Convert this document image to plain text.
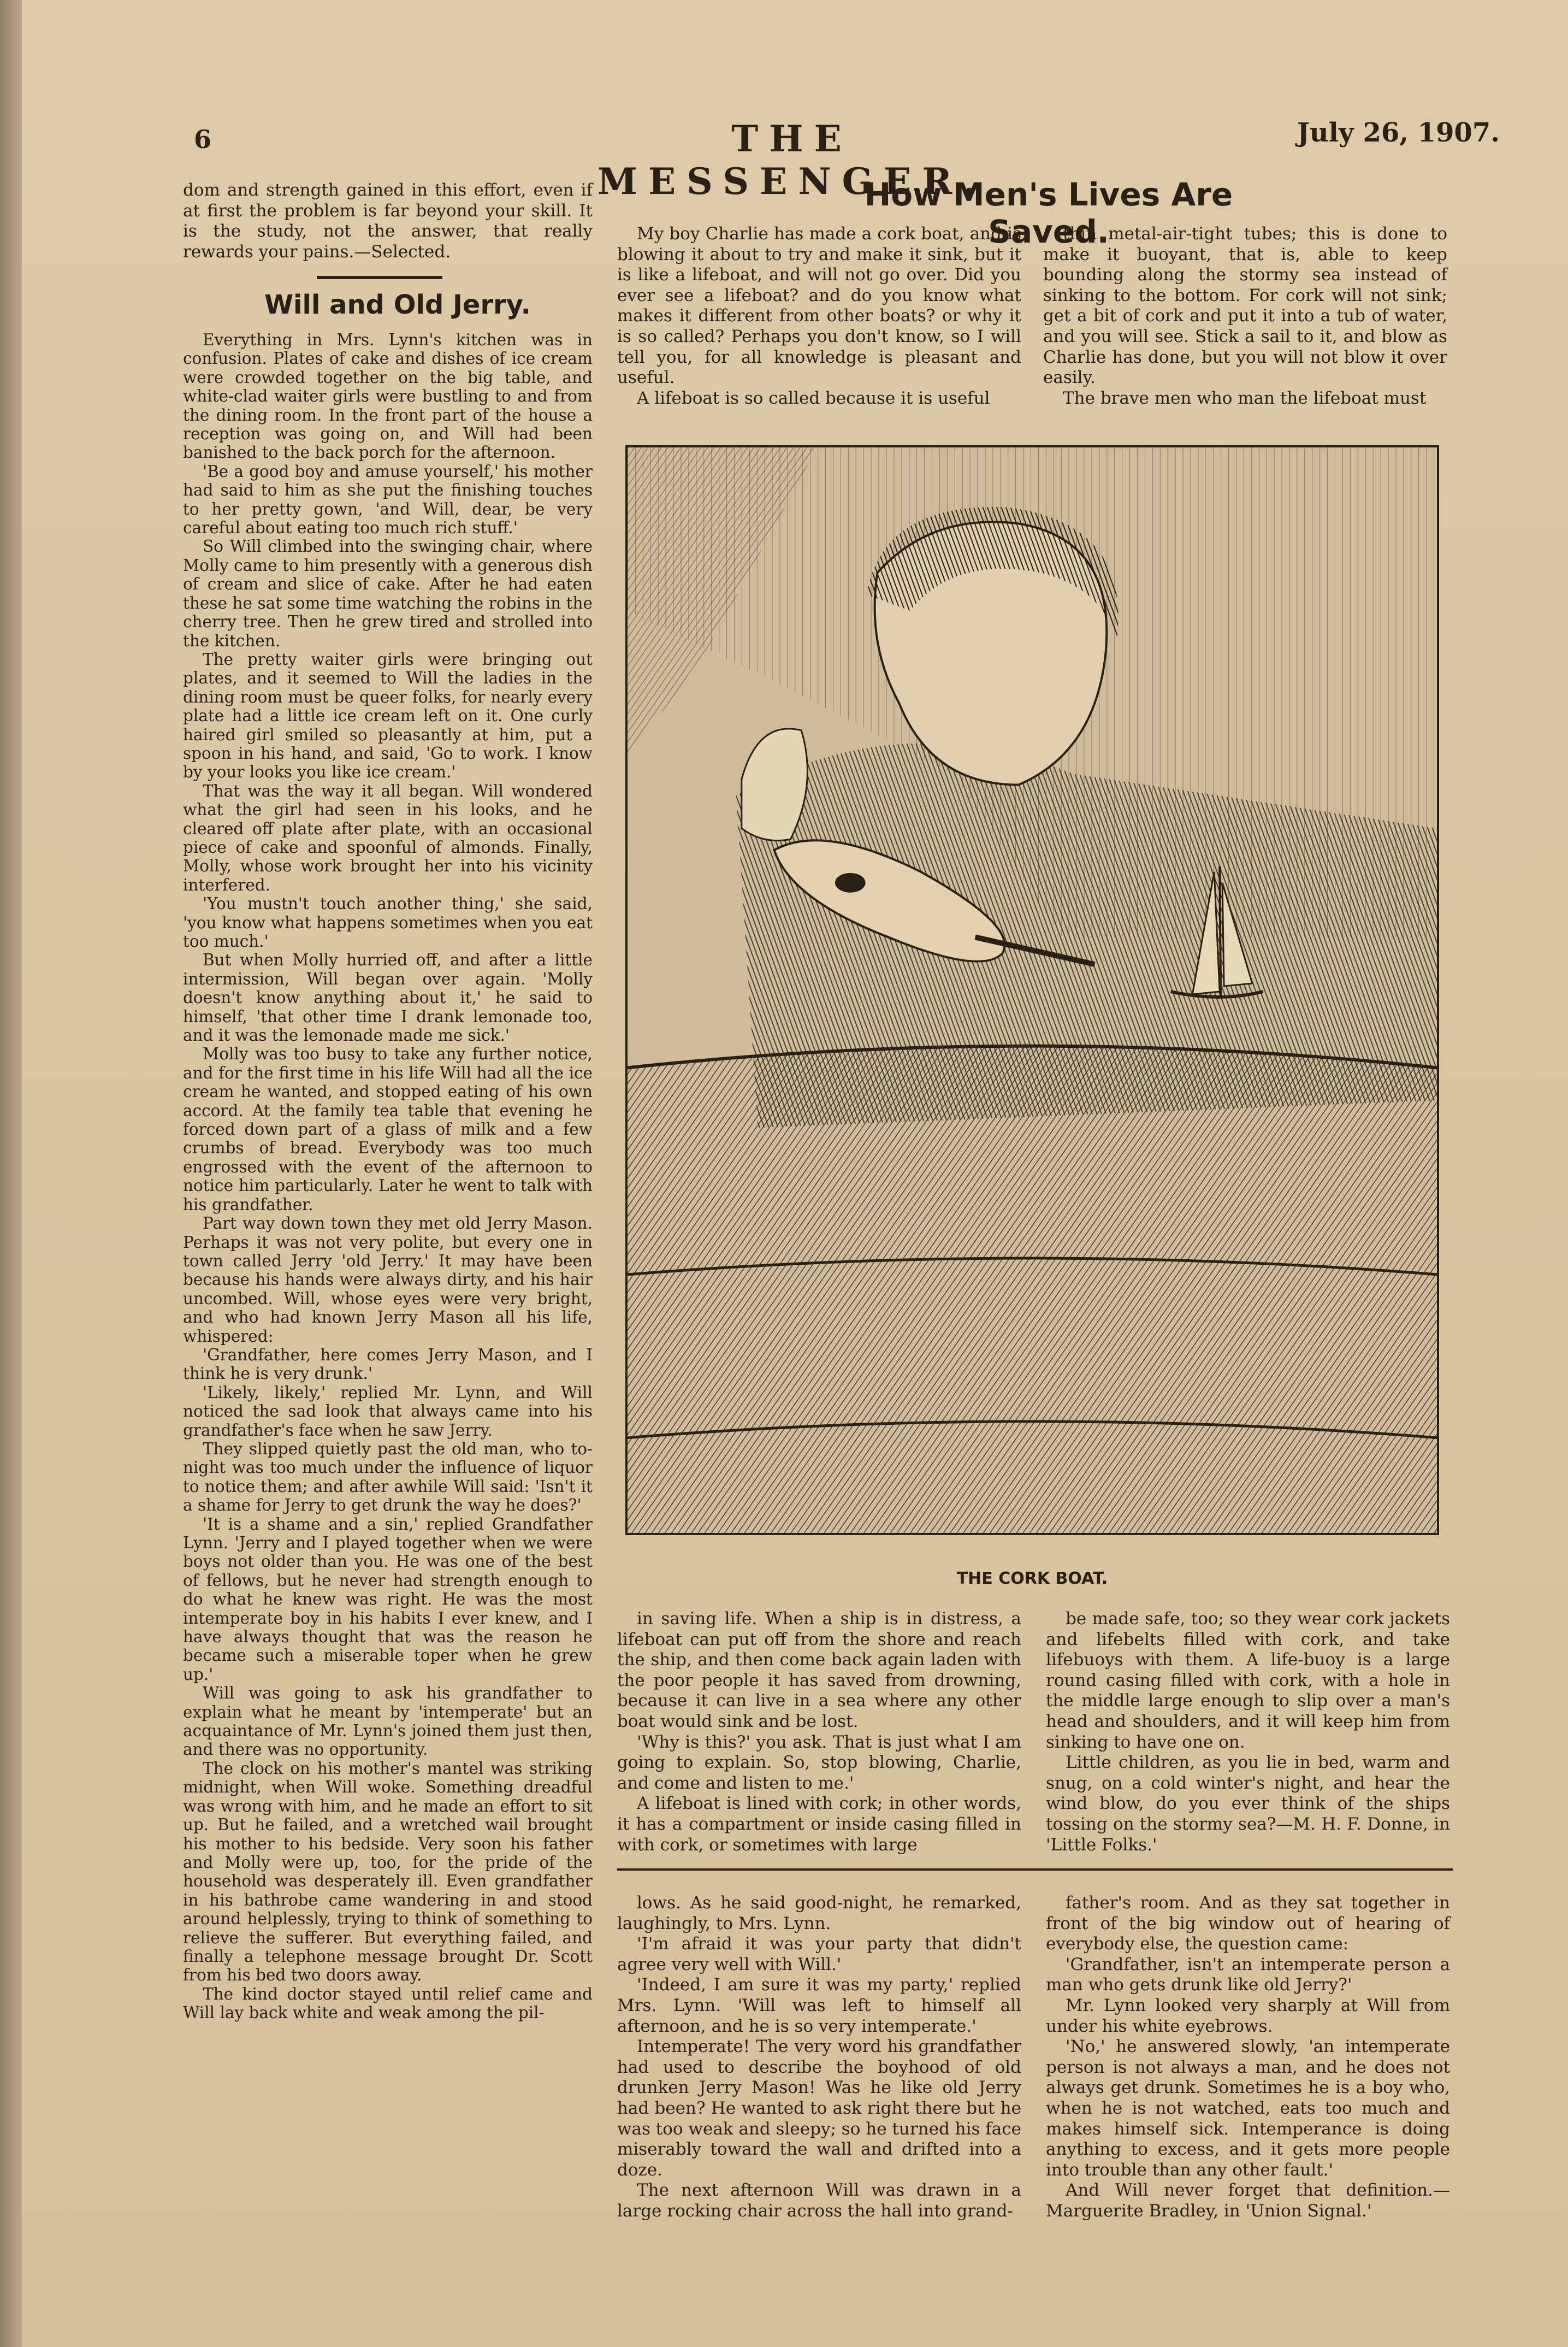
6	THE MESSENGER.
July 26, 1907.

dom and strength gained in this effort, even if at first the problem is far beyond your skill. It is the study, not the answer, that really rewards your pains.—Selected.

Will and Old Jerry.

Everything in Mrs. Lynn's kitchen was in confusion. Plates of cake and dishes of ice cream were crowded together on the big table, and white-clad waiter girls were bustling to and from the dining room. In the front part of the house a reception was going on, and Will had been banished to the back porch for the afternoon.

'Be a good boy and amuse yourself,' his mother had said to him as she put the finishing touches to her pretty gown, 'and Will, dear, be very careful about eating too much rich stuff.'

So Will climbed into the swinging chair, where Molly came to him presently with a generous dish of cream and slice of cake. After he had eaten these he sat some time watching the robins in the cherry tree. Then he grew tired and strolled into the kitchen.

The pretty waiter girls were bringing out plates, and it seemed to Will the ladies in the dining room must be queer folks, for nearly every plate had a little ice cream left on it. One curly haired girl smiled so pleasantly at him, put a spoon in his hand, and said, 'Go to work. I know by your looks you like ice cream.'

That was the way it all began. Will wondered what the girl had seen in his looks, and he cleared off plate after plate, with an occasional piece of cake and spoonful of almonds. Finally, Molly, whose work brought her into his vicinity interfered.

'You mustn't touch another thing,' she said, 'you know what happens sometimes when you eat too much.'

But when Molly hurried off, and after a little intermission, Will began over again. 'Molly doesn't know anything about it,' he said to himself, 'that other time I drank lemonade too, and it was the lemonade made me sick.'

Molly was too busy to take any further notice, and for the first time in his life Will had all the ice cream he wanted, and stopped eating of his own accord. At the family tea table that evening he forced down part of a glass of milk and a few crumbs of bread. Everybody was too much engrossed with the event of the afternoon to notice him particularly. Later he went to talk with his grandfather.

Part way down town they met old Jerry Mason. Perhaps it was not very polite, but every one in town called Jerry 'old Jerry.' It may have been because his hands were always dirty, and his hair uncombed. Will, whose eyes were very bright, and who had known Jerry Mason all his life, whispered:

'Grandfather, here comes Jerry Mason, and I think he is very drunk.'

'Likely, likely,' replied Mr. Lynn, and Will noticed the sad look that always came into his grandfather's face when he saw Jerry.

They slipped quietly past the old man, who to-night was too much under the influence of liquor to notice them; and after awhile Will said: 'Isn't it a shame for Jerry to get drunk the way he does?'

'It is a shame and a sin,' replied Grandfather Lynn. 'Jerry and I played together when we were boys not older than you. He was one of the best of fellows, but he never had strength enough to do what he knew was right. He was the most intemperate boy in his habits I ever knew, and I have always thought that was the reason he became such a miserable toper when he grew up.'

Will was going to ask his grandfather to explain what he meant by 'intemperate' but an acquaintance of Mr. Lynn's joined them just then, and there was no opportunity.

The clock on his mother's mantel was striking midnight, when Will woke. Something dreadful was wrong with him, and he made an effort to sit up. But he failed, and a wretched wail brought his mother to his bedside. Very soon his father and Molly were up, too, for the pride of the household was desperately ill. Even grandfather in his bathrobe came wandering in and stood around helplessly, trying to think of something to relieve the sufferer. But everything failed, and finally a telephone message brought Dr. Scott from his bed two doors away.

The kind doctor stayed until relief came and Will lay back white and weak among the pil-

How Men's Lives Are Saved.

My boy Charlie has made a cork boat, and is blowing it about to try and make it sink, but it is like a lifeboat, and will not go over. Did you ever see a lifeboat? and do you know what makes it different from other boats? or why it is so called? Perhaps you don't know, so I will tell you, for all knowledge is pleasant and useful.

A lifeboat is so called because it is useful

thin metal-air-tight tubes; this is done to make it buoyant, that is, able to keep bounding along the stormy sea instead of sinking to the bottom. For cork will not sink; get a bit of cork and put it into a tub of water, and you will see. Stick a sail to it, and blow as Charlie has done, but you will not blow it over easily.

The brave men who man the lifeboat must

THE CORK BOAT.

in saving life. When a ship is in distress, a lifeboat can put off from the shore and reach the ship, and then come back again laden with the poor people it has saved from drowning, because it can live in a sea where any other boat would sink and be lost.

'Why is this?' you ask. That is just what I am going to explain. So, stop blowing, Charlie, and come and listen to me.'

A lifeboat is lined with cork; in other words, it has a compartment or inside casing filled in with cork, or sometimes with large

be made safe, too; so they wear cork jackets and lifebelts filled with cork, and take lifebuoys with them. A life-buoy is a large round casing filled with cork, with a hole in the middle large enough to slip over a man's head and shoulders, and it will keep him from sinking to have one on.

Little children, as you lie in bed, warm and snug, on a cold winter's night, and hear the wind blow, do you ever think of the ships tossing on the stormy sea?—M. H. F. Donne, in 'Little Folks.'

lows. As he said good-night, he remarked, laughingly, to Mrs. Lynn.

'I'm afraid it was your party that didn't agree very well with Will.'

'Indeed, I am sure it was my party,' replied Mrs. Lynn. 'Will was left to himself all afternoon, and he is so very intemperate.'

Intemperate! The very word his grandfather had used to describe the boyhood of old drunken Jerry Mason! Was he like old Jerry had been? He wanted to ask right there but he was too weak and sleepy; so he turned his face miserably toward the wall and drifted into a doze.

The next afternoon Will was drawn in a large rocking chair across the hall into grand-

father's room. And as they sat together in front of the big window out of hearing of everybody else, the question came:

'Grandfather, isn't an intemperate person a man who gets drunk like old Jerry?'

Mr. Lynn looked very sharply at Will from under his white eyebrows.

'No,' he answered slowly, 'an intemperate person is not always a man, and he does not always get drunk. Sometimes he is a boy who, when he is not watched, eats too much and makes himself sick. Intemperance is doing anything to excess, and it gets more people into trouble than any other fault.'

And Will never forget that definition.—Marguerite Bradley, in 'Union Signal.'
